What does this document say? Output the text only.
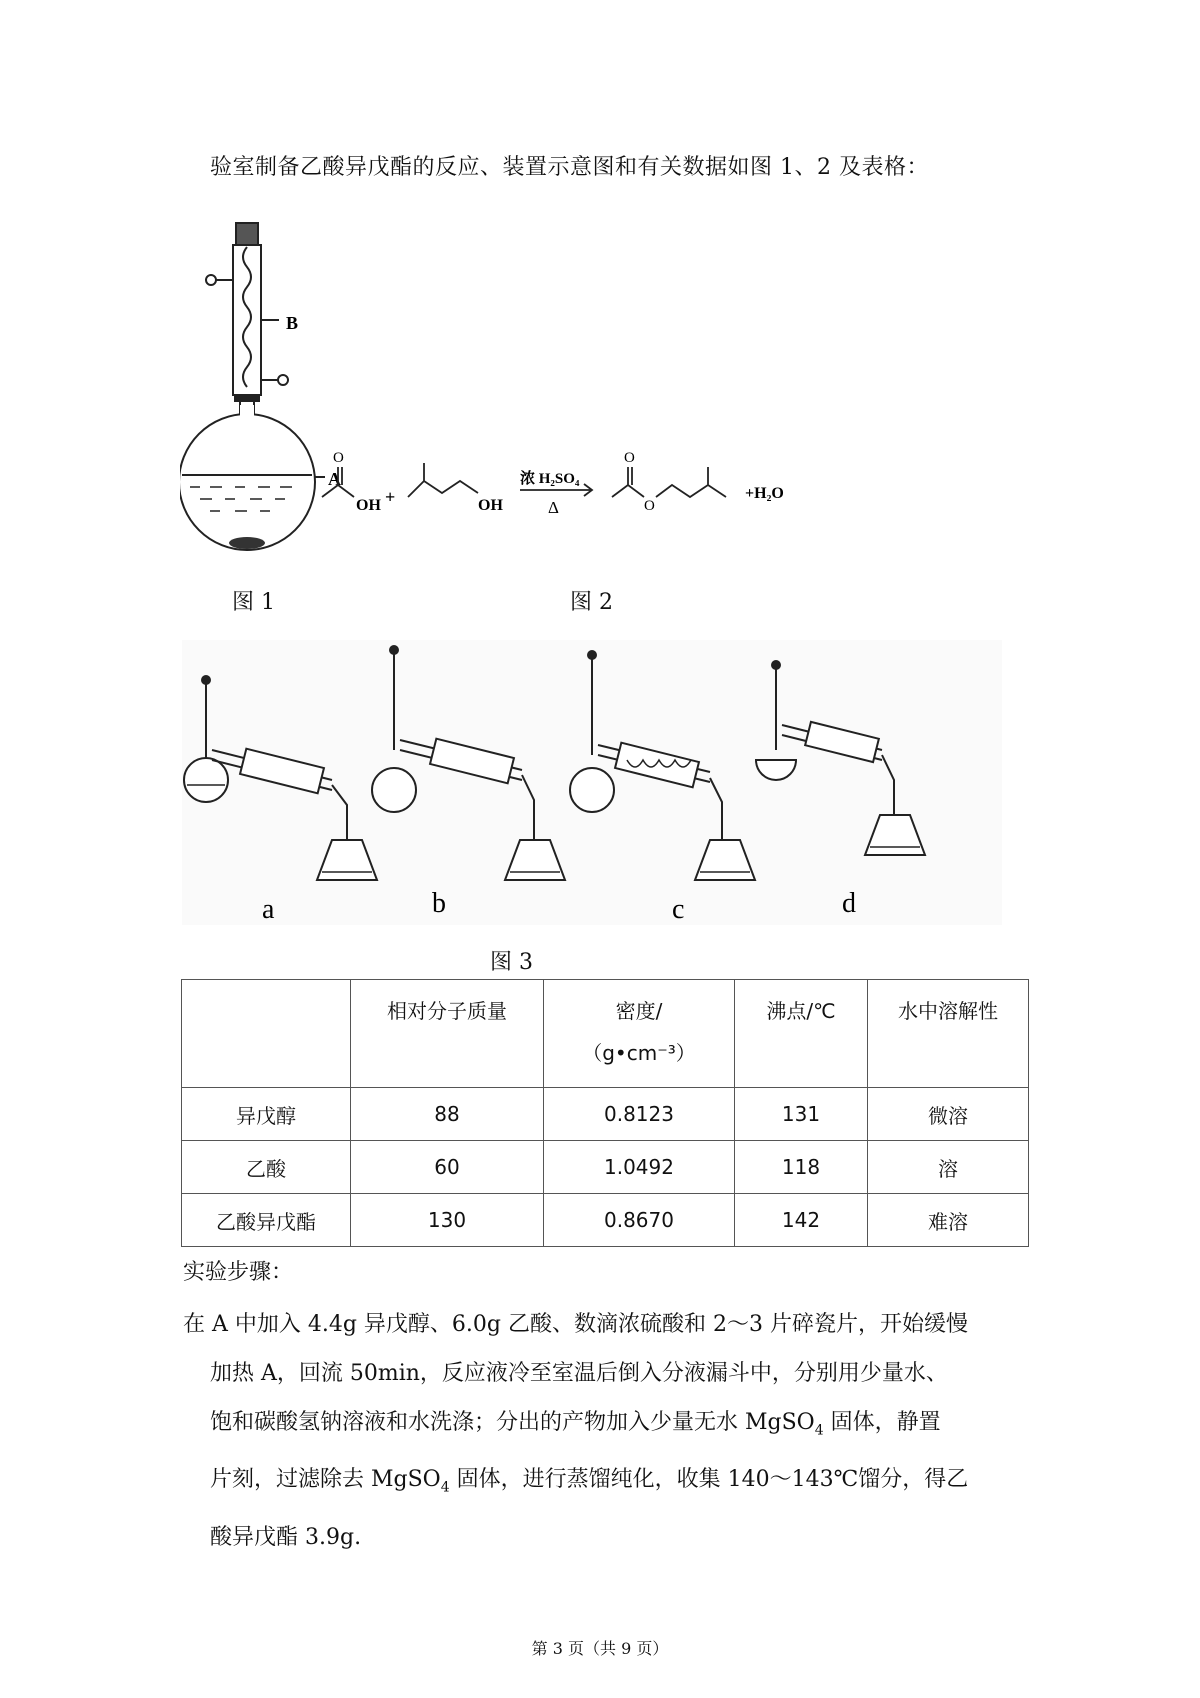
验室制备乙酸异戊酯的反应、装置示意图和有关数据如图 1、2 及表格：
B
A
O
OH +	OH
浓 H₂SO₄
Δ
O
O
+H₂O
图 1	图 2
a	b	c	d
图 3
	相对分子质量	密度/
（g•cm⁻³）	沸点/℃	水中溶解性
异戊醇	88	0.8123	131	微溶
乙酸	60	1.0492	118	溶
乙酸异戊酯	130	0.8670	142	难溶
实验步骤：

在 A 中加入 4.4g 异戊醇、6.0g 乙酸、数滴浓硫酸和 2～3 片碎瓷片，开始缓慢

加热 A，回流 50min，反应液冷至室温后倒入分液漏斗中，分别用少量水、

饱和碳酸氢钠溶液和水洗涤；分出的产物加入少量无水 MgSO$_4$ 固体，静置

片刻，过滤除去 MgSO$_4$ 固体，进行蒸馏纯化，收集 140～143℃馏分，得乙

酸异戊酯 3.9g.

第 3 页（共 9 页）
